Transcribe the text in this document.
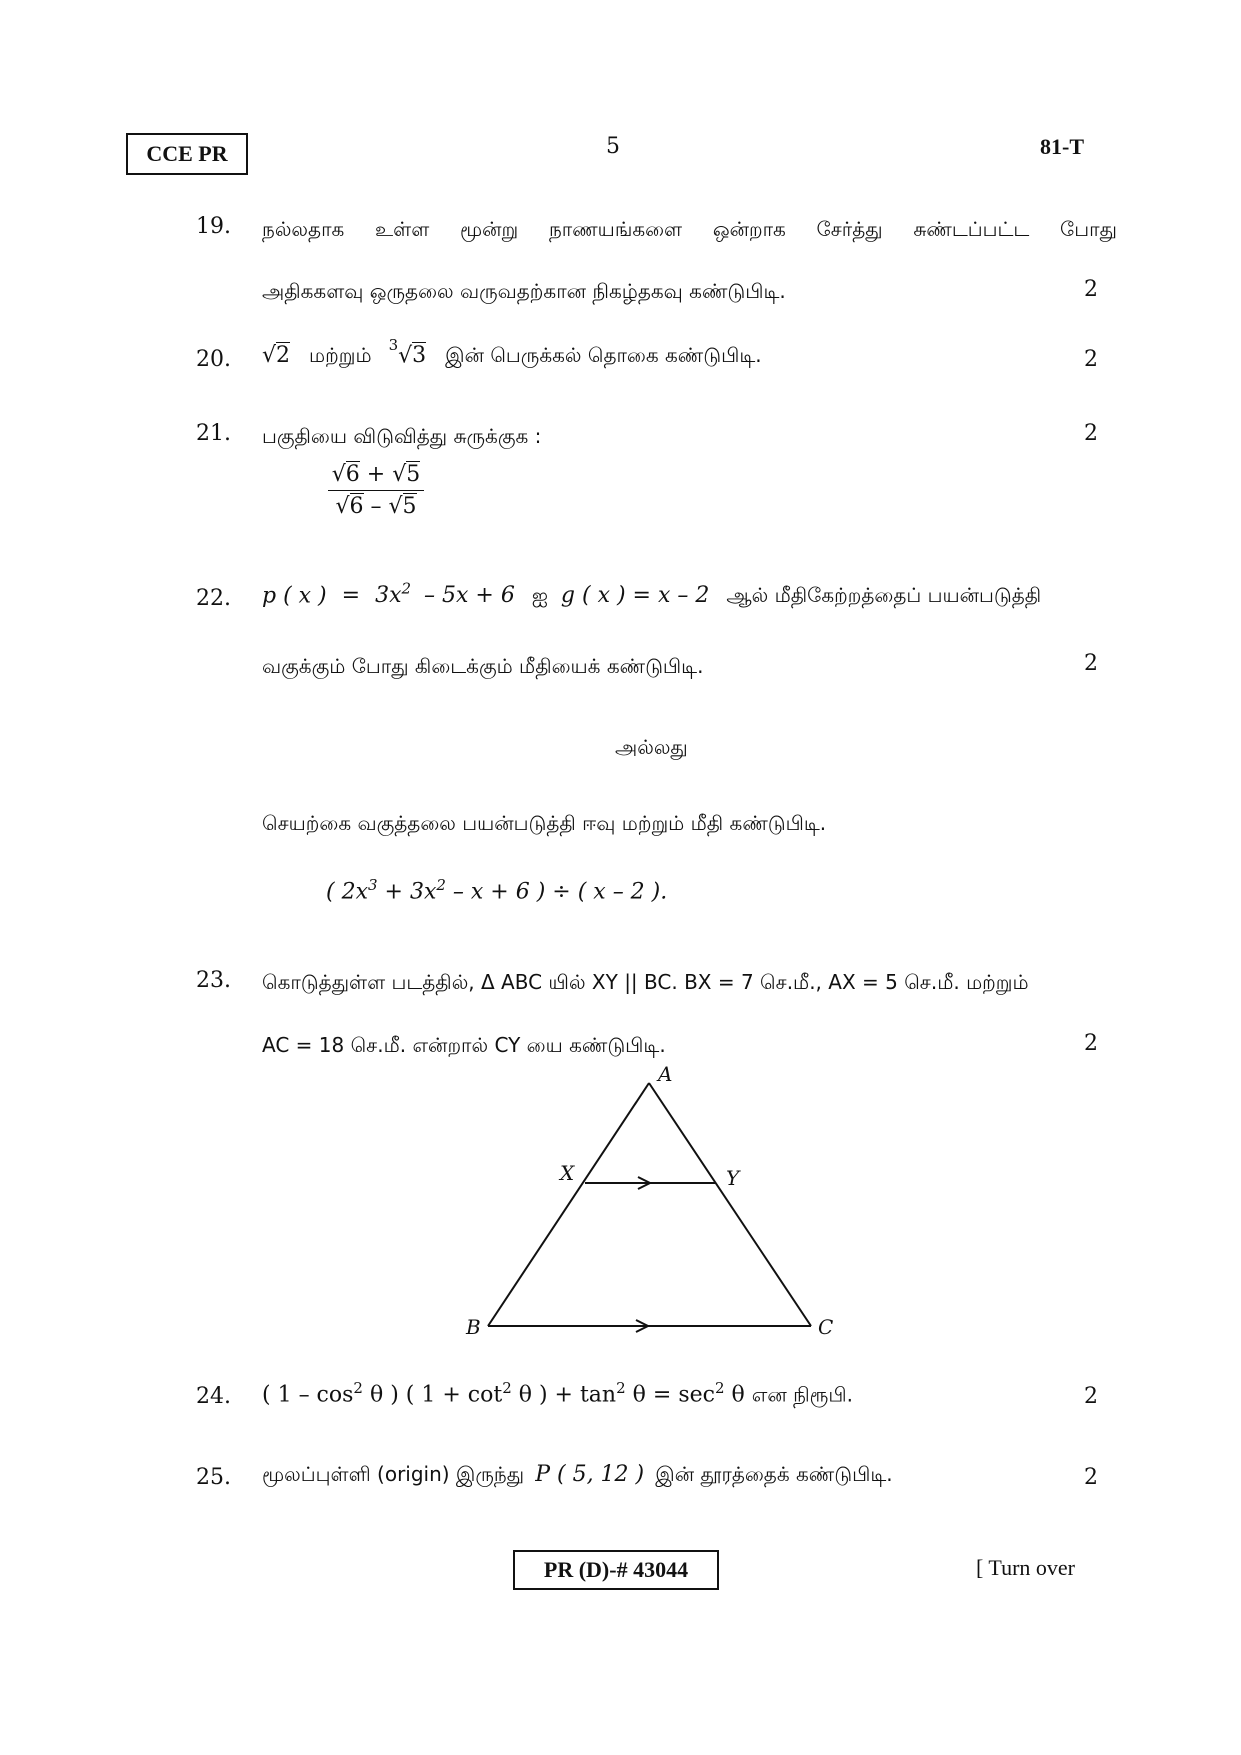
CCE PR	5	81-T
19. நல்லதாக உள்ள மூன்று நாணயங்களை ஒன்றாக சேர்த்து சுண்டப்பட்ட போது
அதிககளவு ஒருதலை வருவதற்கான நிகழ்தகவு கண்டுபிடி.	2
20. √2 மற்றும் $^3$√3 இன் பெருக்கல் தொகை கண்டுபிடி.	2
21. பகுதியை விடுவித்து சுருக்குக :	2
√6 + √5
√6 – √5
22. p ( x ) = $3x^2 - 5x + 6$ ஐ g ( x ) = x – 2 ஆல் மீதிகேற்றத்தைப் பயன்படுத்தி
வகுக்கும் போது கிடைக்கும் மீதியைக் கண்டுபிடி.	2
அல்லது
செயற்கை வகுத்தலை பயன்படுத்தி ஈவு மற்றும் மீதி கண்டுபிடி.
( $2x^3 + 3x^2 - x + 6$ ) ÷ ( x – 2 ).
23. கொடுத்துள்ள படத்தில், Δ ABC யில் XY || BC. BX = 7 செ.மீ., AX = 5 செ.மீ. மற்றும்
AC = 18 செ.மீ. என்றால் CY யை கண்டுபிடி.	2
A
X	Y
B	C
24. ( $1 - \cos^2 \theta$ ) ( $1 + \cot^2 \theta$ ) + $\tan^2 \theta = \sec^2 \theta$ என நிரூபி.	2
25. மூலப்புள்ளி (origin) இருந்து P ( 5, 12 ) இன் தூரத்தைக் கண்டுபிடி.	2
PR (D)-# 43044	[ Turn over
